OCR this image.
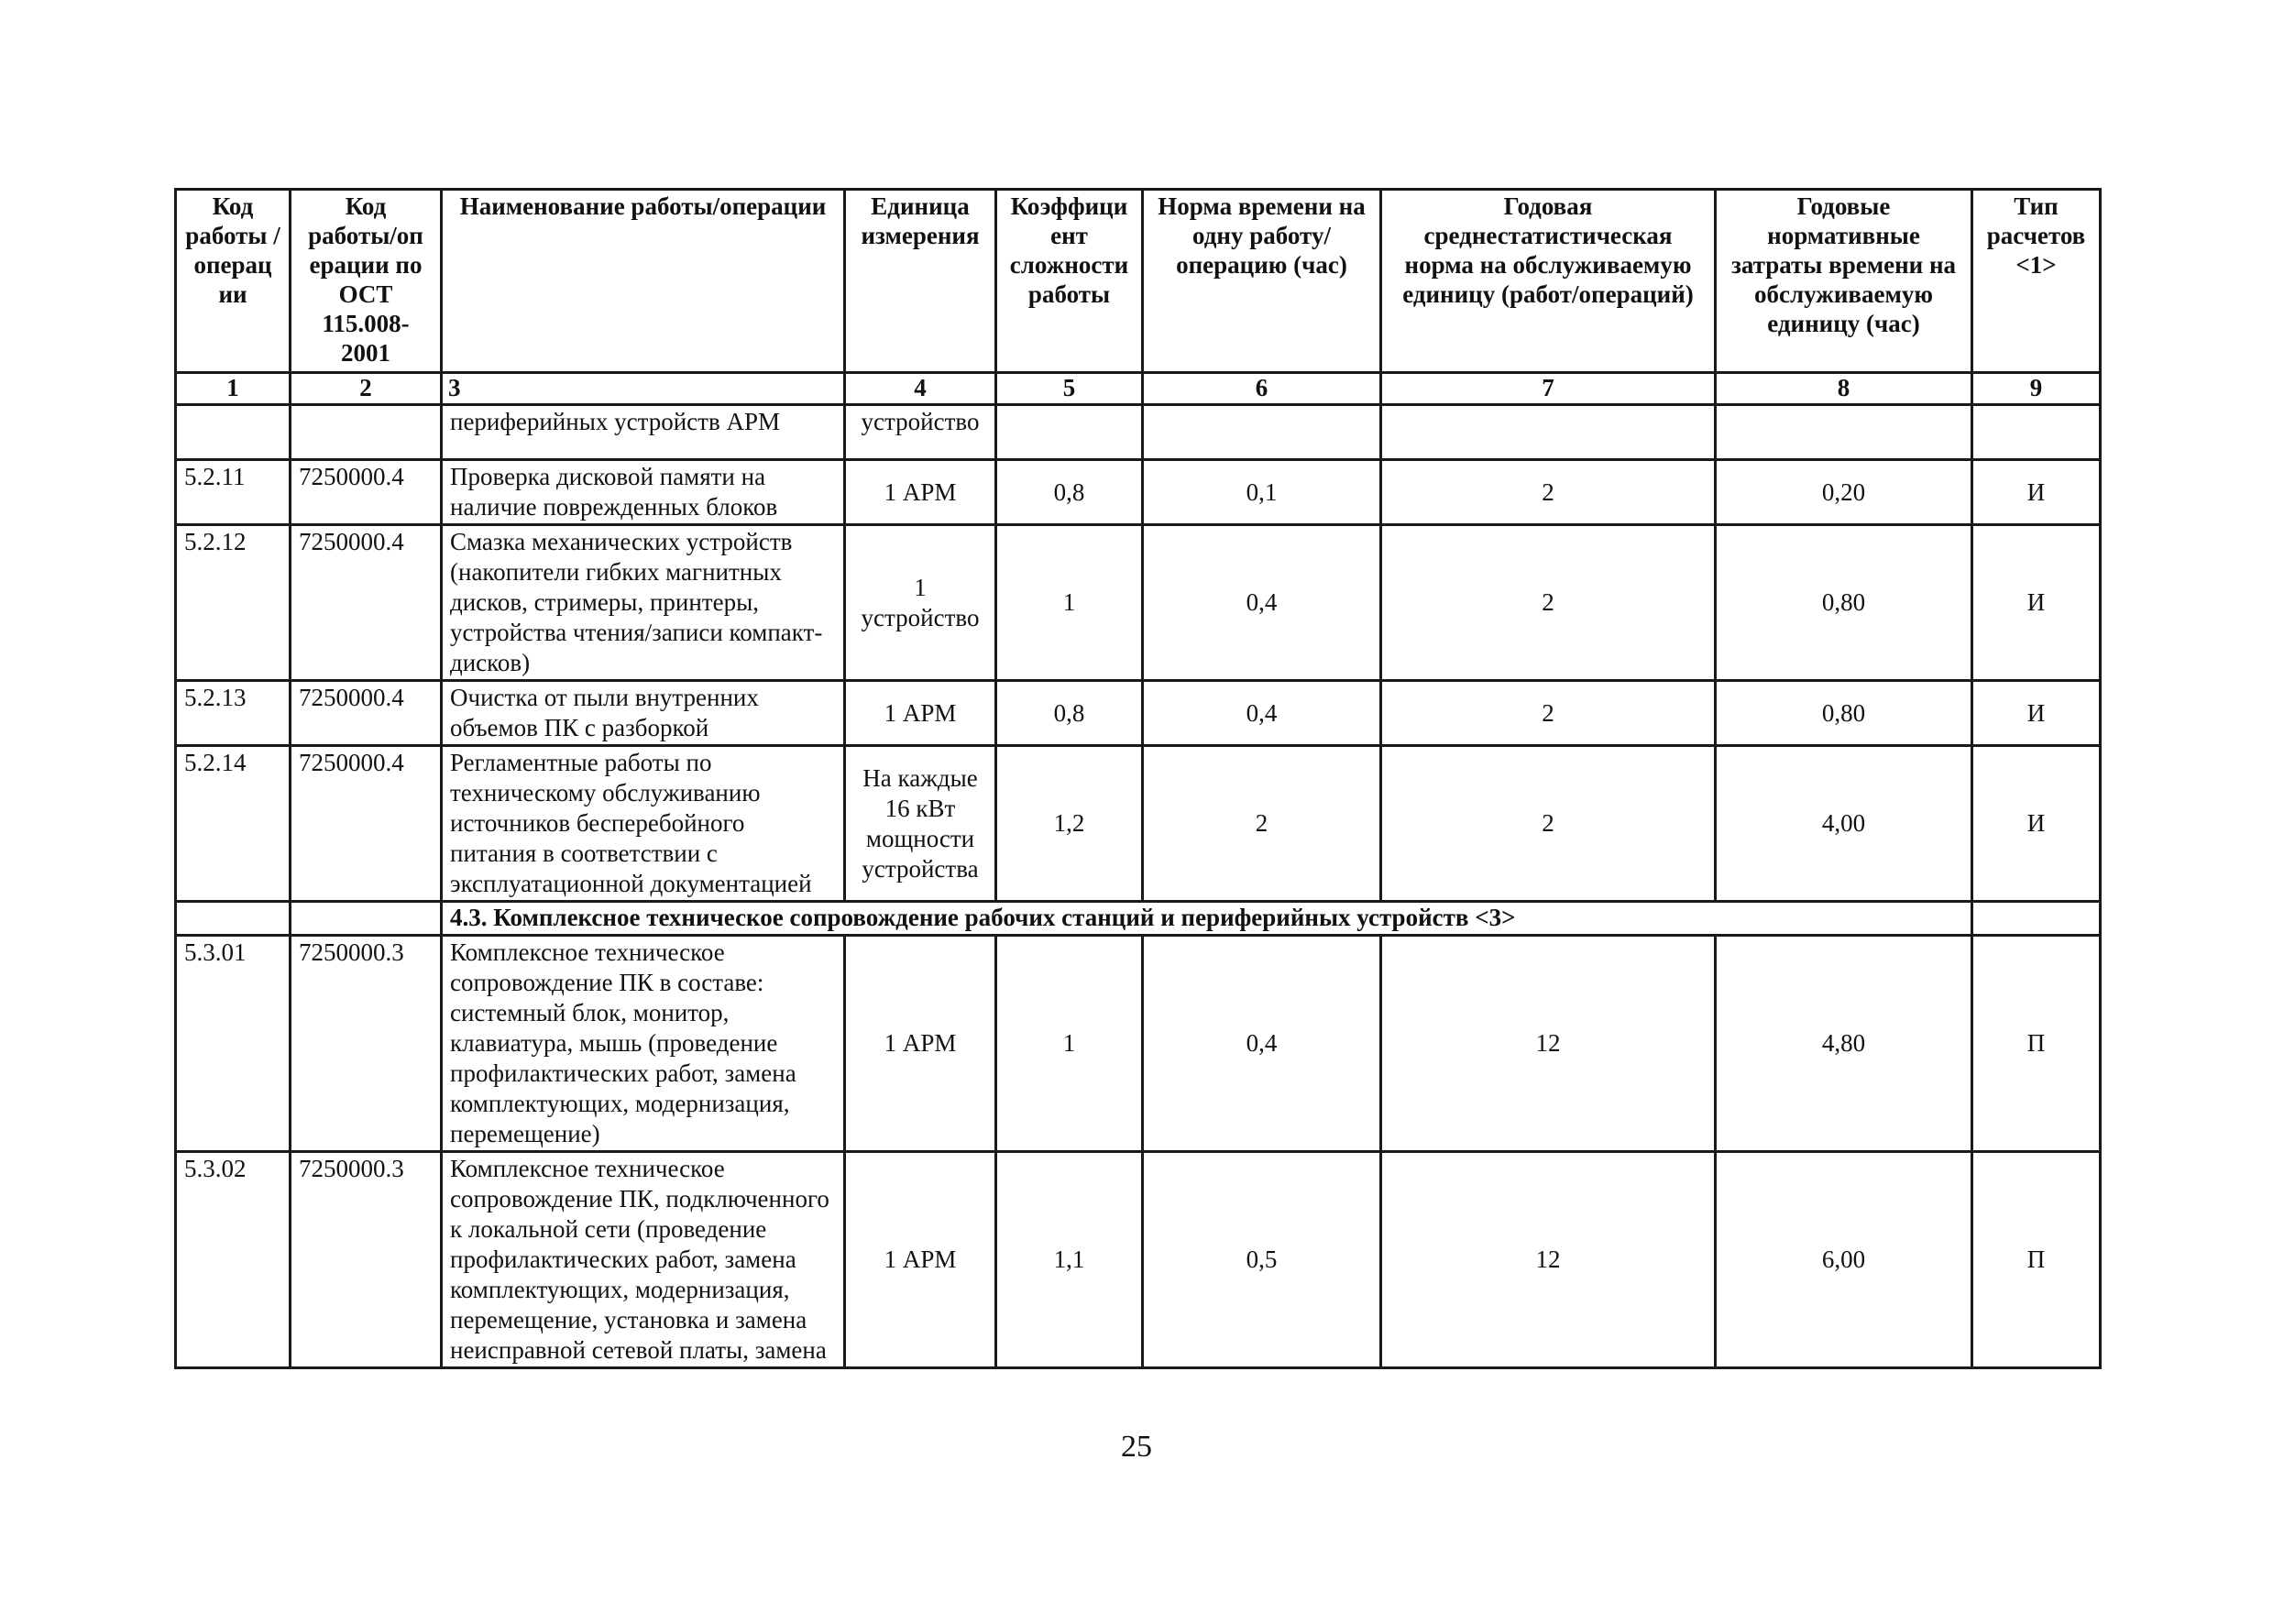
Код работы /операц ии	Код работы/оп ерации по ОСТ 115.008-2001	Наименование работы/операции	Единица измерения	Коэффици ент сложности работы	Норма времени на одну работу/операцию (час)	Годовая среднестатистическая норма на обслуживаемую единицу (работ/операций)	Годовые нормативные затраты времени на обслуживаемую единицу (час)	Тип расчетов <1>
1	2	3	4	5	6	7	8	9
		периферийных устройств АРМ	устройство					
5.2.11	7250000.4	Проверка дисковой памяти на наличие поврежденных блоков	1 АРМ	0,8	0,1	2	0,20	И
5.2.12	7250000.4	Смазка механических устройств (накопители гибких магнитных дисков, стримеры, принтеры, устройства чтения/записи компакт-дисков)	1 устройство	1	0,4	2	0,80	И
5.2.13	7250000.4	Очистка от пыли внутренних объемов ПК с разборкой	1 АРМ	0,8	0,4	2	0,80	И
5.2.14	7250000.4	Регламентные работы по техническому обслуживанию источников бесперебойного питания в соответствии с эксплуатационной документацией	На каждые 16 кВт мощности устройства	1,2	2	2	4,00	И
		4.3. Комплексное техническое сопровождение рабочих станций и периферийных устройств <3>						
5.3.01	7250000.3	Комплексное техническое сопровождение ПК в составе: системный блок, монитор, клавиатура, мышь (проведение профилактических работ, замена комплектующих, модернизация, перемещение)	1 АРМ	1	0,4	12	4,80	П
5.3.02	7250000.3	Комплексное техническое сопровождение ПК, подключенного к локальной сети (проведение профилактических работ, замена комплектующих, модернизация, перемещение, установка и замена неисправной сетевой платы, замена	1 АРМ	1,1	0,5	12	6,00	П
25
